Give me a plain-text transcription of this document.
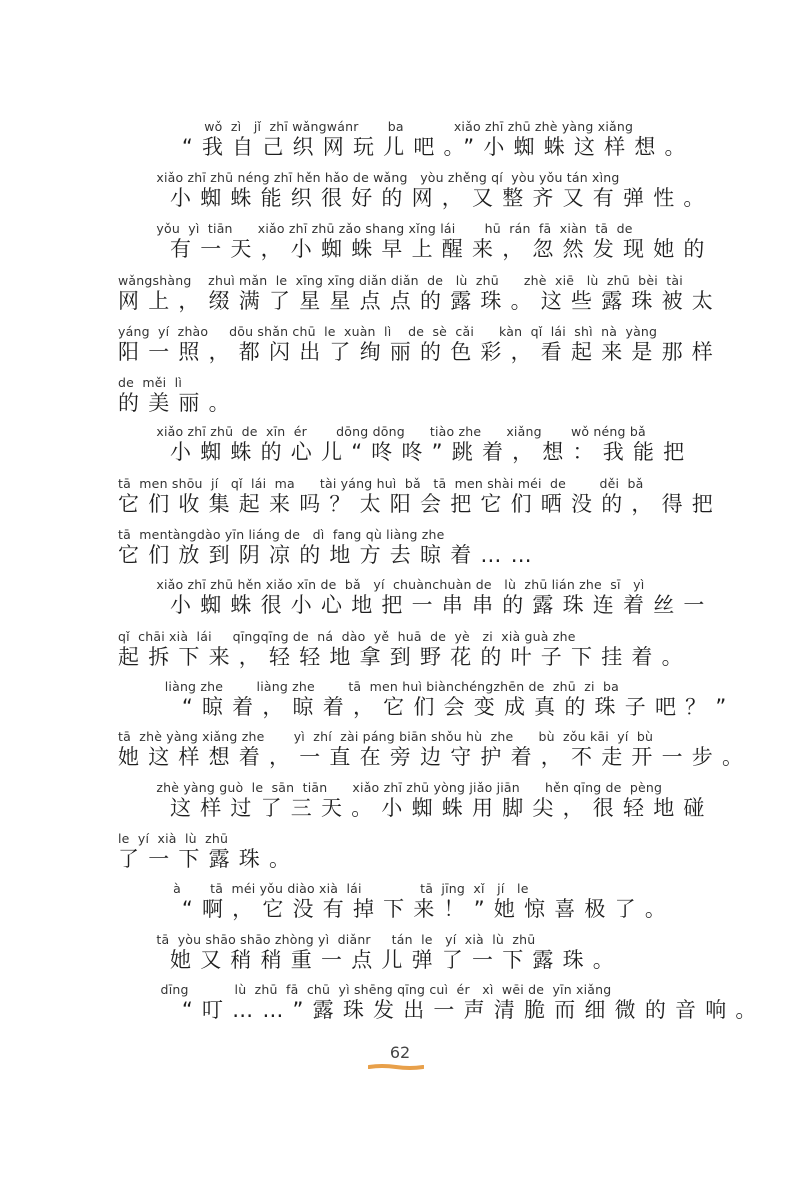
wǒ  zì   jǐ  zhī wǎngwánr       ba            xiǎo zhī zhū zhè yàng xiǎng
“我自己织网玩儿吧。”小蜘蛛这样想。
xiǎo zhī zhū néng zhī hěn hǎo de wǎng   yòu zhěng qí  yòu yǒu tán xìng
小蜘蛛能织很好的网，又整齐又有弹性。
yǒu  yì  tiān      xiǎo zhī zhū zǎo shang xǐng lái       hū  rán  fā  xiàn  tā  de
有一天，小蜘蛛早上醒来，忽然发现她的
wǎngshàng    zhuì mǎn  le  xīng xīng diǎn diǎn  de   lù  zhū      zhè  xiē   lù  zhū  bèi  tài
网上，缀满了星星点点的露珠。这些露珠被太
yáng  yí  zhào     dōu shǎn chū  le  xuàn  lì    de  sè  cǎi      kàn  qǐ  lái  shì  nà  yàng
阳一照，都闪出了绚丽的色彩，看起来是那样
de  měi  lì
的美丽。
xiǎo zhī zhū  de  xīn  ér       dōng dōng      tiào zhe      xiǎng       wǒ néng bǎ
小蜘蛛的心儿“咚咚”跳着，想：我能把
tā  men shōu  jí   qǐ  lái  ma      tài yáng huì  bǎ   tā  men shài méi  de        děi  bǎ
它们收集起来吗？太阳会把它们晒没的，得把
tā  mentàngdào yīn liáng de   dì  fang qù liàng zhe
它们放到阴凉的地方去晾着……
xiǎo zhī zhū hěn xiǎo xīn de  bǎ   yí  chuànchuàn de   lù  zhū lián zhe  sī   yì
小蜘蛛很小心地把一串串的露珠连着丝一
qǐ  chāi xià  lái     qīngqīng de  ná  dào  yě  huā  de  yè   zi  xià guà zhe
起拆下来，轻轻地拿到野花的叶子下挂着。
liàng zhe        liàng zhe        tā  men huì biànchéngzhēn de  zhū  zi  ba
“晾着，晾着，它们会变成真的珠子吧？”
tā  zhè yàng xiǎng zhe       yì  zhí  zài páng biān shǒu hù  zhe      bù  zǒu kāi  yí  bù
她这样想着，一直在旁边守护着，不走开一步。
zhè yàng guò  le  sān  tiān      xiǎo zhī zhū yòng jiǎo jiān      hěn qīng de  pèng
这样过了三天。小蜘蛛用脚尖，很轻地碰
le  yí  xià  lù  zhū
了一下露珠。
à       tā  méi yǒu diào xià  lái              tā  jīng  xǐ   jí   le
“啊，它没有掉下来！”她惊喜极了。
tā  yòu shāo shāo zhòng yì  diǎnr     tán  le   yí  xià  lù  zhū
她又稍稍重一点儿弹了一下露珠。
dīng           lù  zhū  fā  chū  yì shēng qīng cuì  ér   xì  wēi de  yīn xiǎng
“叮……”露珠发出一声清脆而细微的音响。
62
